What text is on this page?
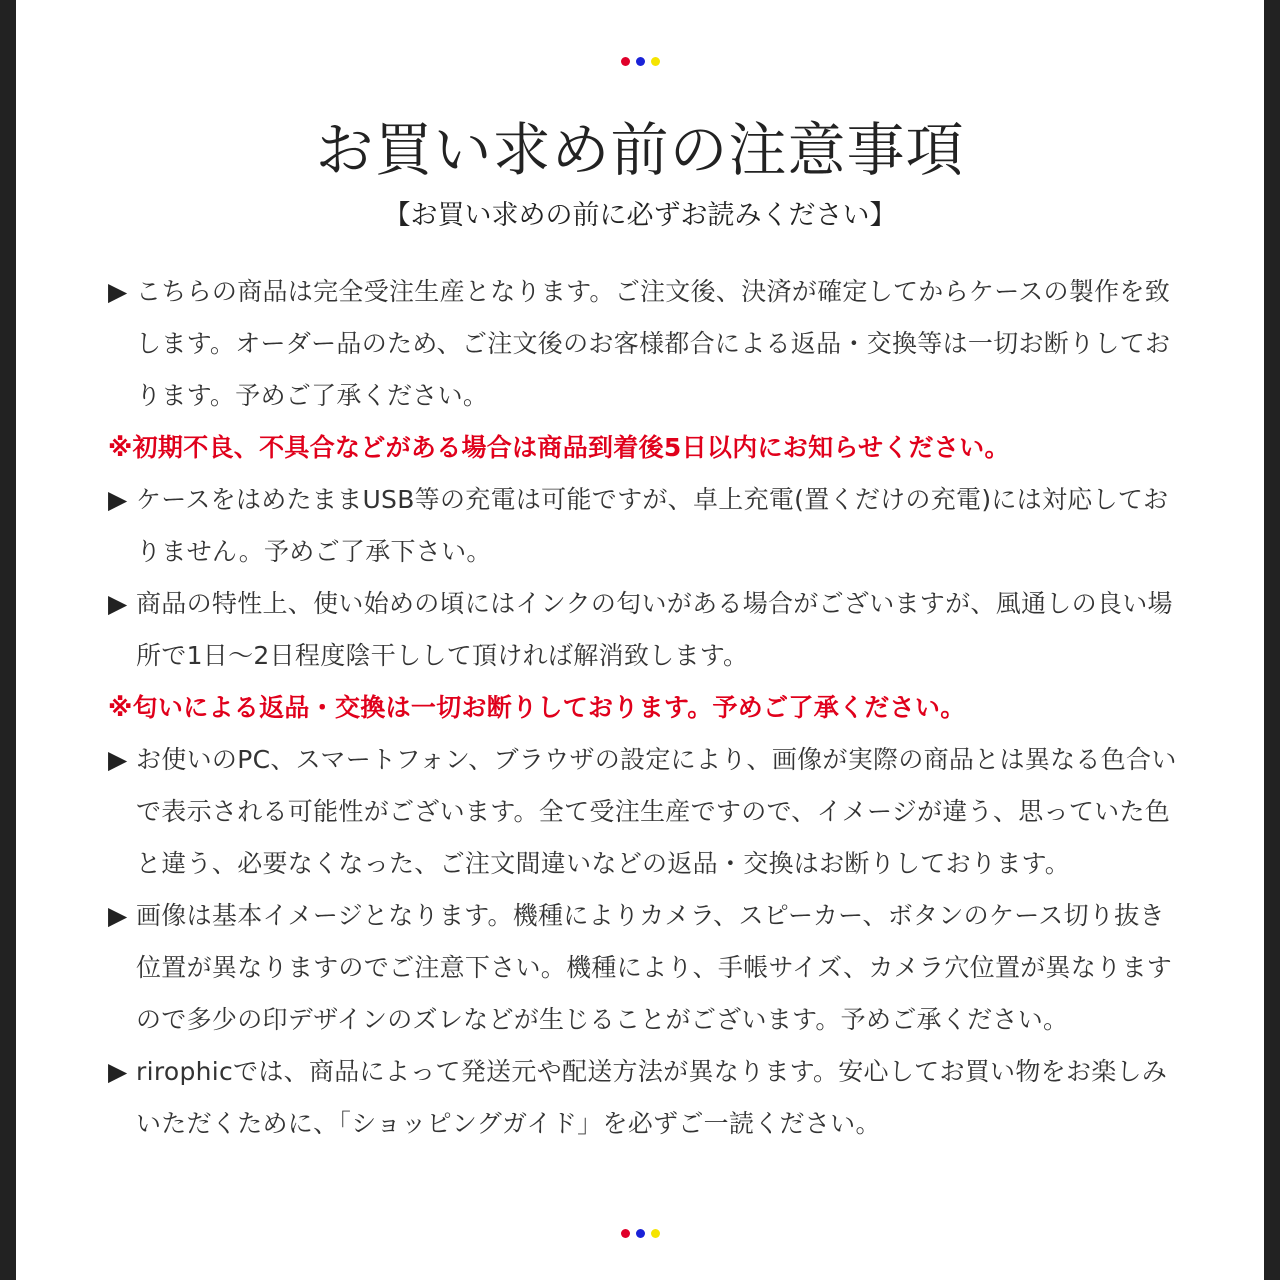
お買い求め前の注意事項
【お買い求めの前に必ずお読みください】
▶ こちらの商品は完全受注生産となります。ご注文後、決済が確定してからケースの製作を致します。オーダー品のため、ご注文後のお客様都合による返品・交換等は一切お断りしております。予めご了承ください。
※初期不良、不具合などがある場合は商品到着後5日以内にお知らせください。
▶ ケースをはめたままUSB等の充電は可能ですが、卓上充電(置くだけの充電)には対応しておりません。予めご了承下さい。
▶ 商品の特性上、使い始めの頃にはインクの匂いがある場合がございますが、風通しの良い場所で1日〜2日程度陰干しして頂ければ解消致します。
※匂いによる返品・交換は一切お断りしております。予めご了承ください。
▶ お使いのPC、スマートフォン、ブラウザの設定により、画像が実際の商品とは異なる色合いで表示される可能性がございます。全て受注生産ですので、イメージが違う、思っていた色と違う、必要なくなった、ご注文間違いなどの返品・交換はお断りしております。
▶ 画像は基本イメージとなります。機種によりカメラ、スピーカー、ボタンのケース切り抜き位置が異なりますのでご注意下さい。機種により、手帳サイズ、カメラ穴位置が異なりますので多少の印デザインのズレなどが生じることがございます。予めご承ください。
▶ rirophicでは、商品によって発送元や配送方法が異なります。安心してお買い物をお楽しみいただくために、「ショッピングガイド」を必ずご一読ください。
